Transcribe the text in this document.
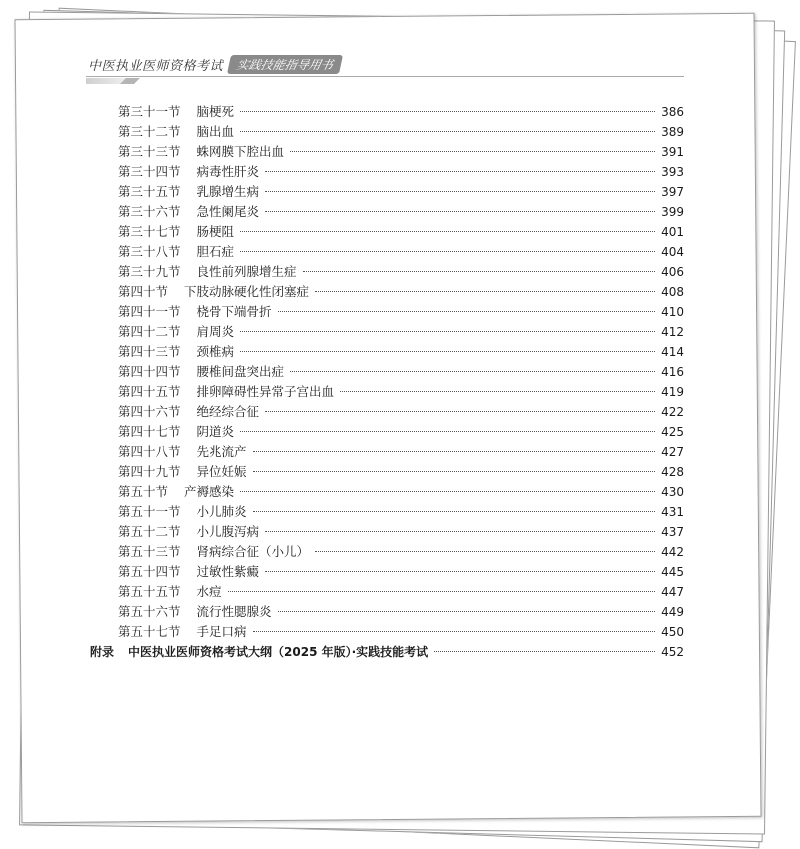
中医执业医师资格考试	实践技能指导用书
第三十一节 脑梗死	386
第三十二节 脑出血	389
第三十三节 蛛网膜下腔出血	391
第三十四节 病毒性肝炎	393
第三十五节 乳腺增生病	397
第三十六节 急性阑尾炎	399
第三十七节 肠梗阻	401
第三十八节 胆石症	404
第三十九节 良性前列腺增生症	406
第四十节 下肢动脉硬化性闭塞症	408
第四十一节 桡骨下端骨折	410
第四十二节 肩周炎	412
第四十三节 颈椎病	414
第四十四节 腰椎间盘突出症	416
第四十五节 排卵障碍性异常子宫出血	419
第四十六节 绝经综合征	422
第四十七节 阴道炎	425
第四十八节 先兆流产	427
第四十九节 异位妊娠	428
第五十节 产褥感染	430
第五十一节 小儿肺炎	431
第五十二节 小儿腹泻病	437
第五十三节 肾病综合征（小儿）	442
第五十四节 过敏性紫癜	445
第五十五节 水痘	447
第五十六节 流行性腮腺炎	449
第五十七节 手足口病	450
附录 中医执业医师资格考试大纲（2025 年版）·实践技能考试	452
